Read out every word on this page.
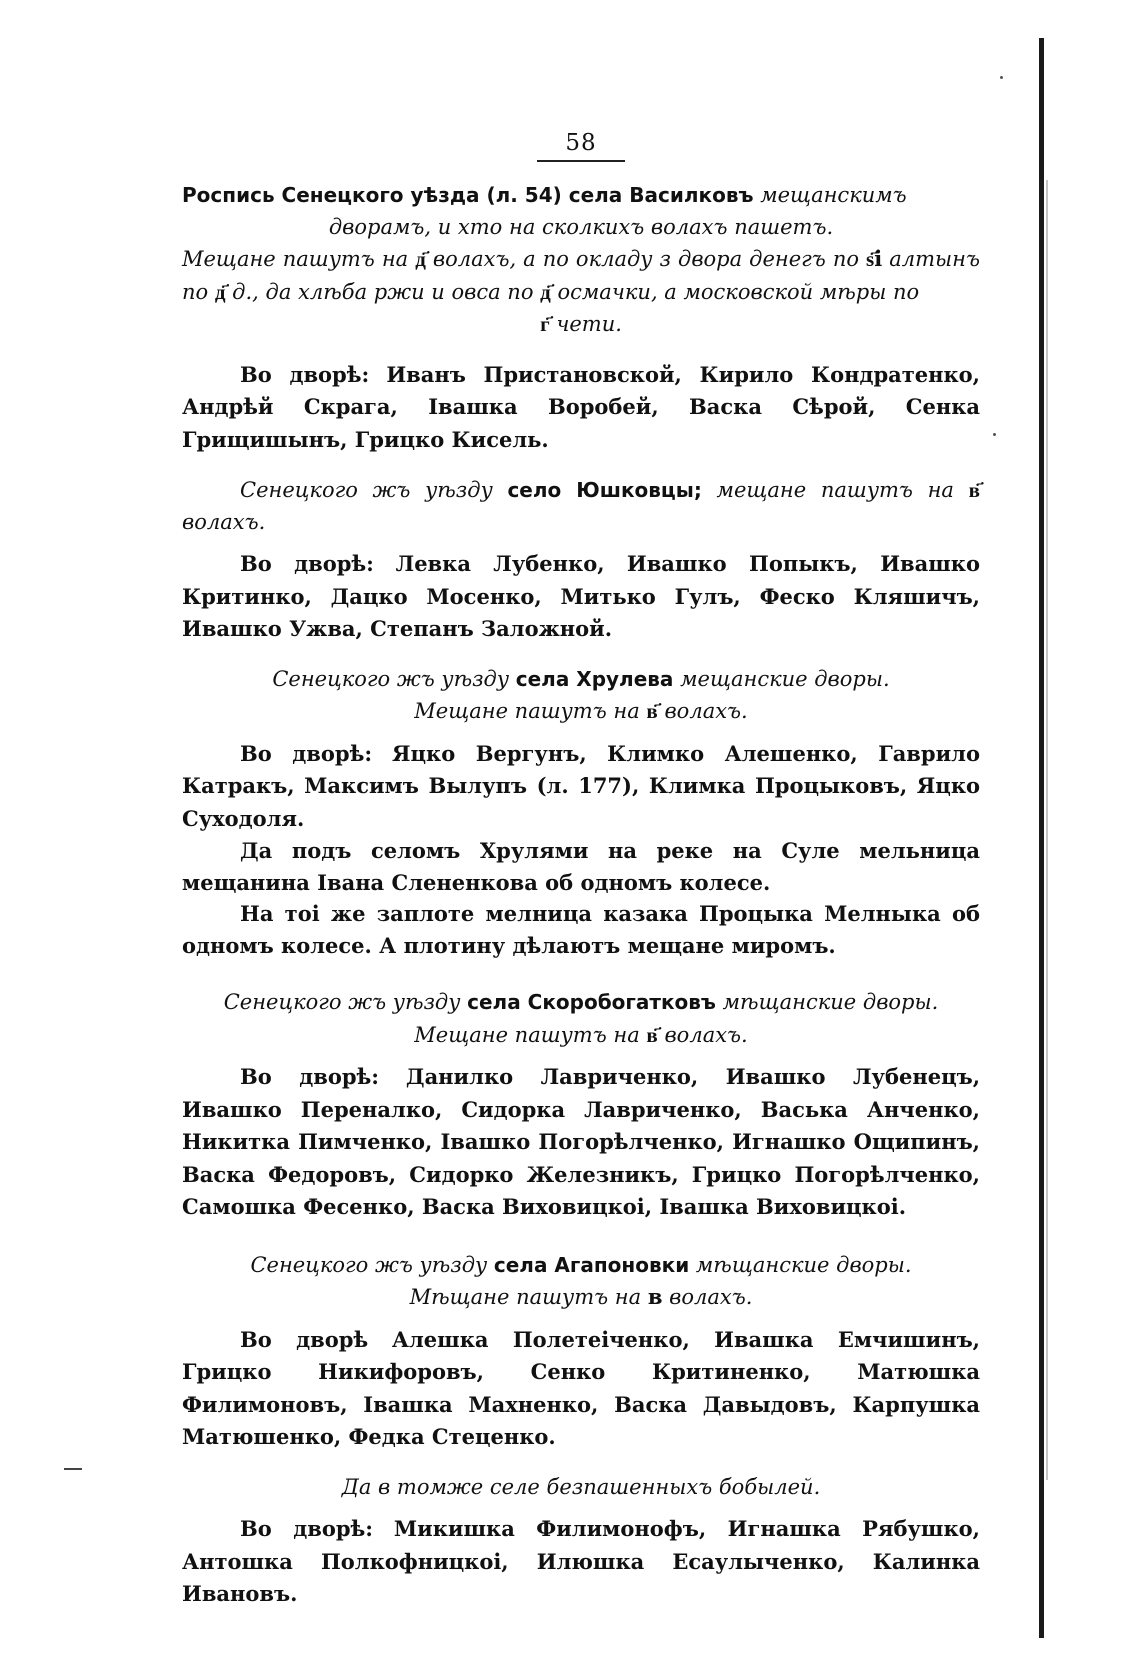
58

Роспись Сенецкого уѣзда (л. 54) села Василковъ мещанскимъ

дворамъ, и хто на сколкихъ волахъ пашетъ.

Мещане пашутъ на д҃ волахъ, а по окладу з двора денегъ по ѕ҃і алтынъ по д҃ д., да хлѣба ржи и овса по д҃ осмачки, а московской мѣры по

г҃ чети.

Во дворѣ: Иванъ Пристановской, Кирило Кондратенко, Андрѣй Скрага, Івашка Воробей, Васка Сѣрой, Сенка Грищишынъ, Грицко Кисель.

Сенецкого жъ уѣзду село Юшковцы; мещане пашутъ на в҃ волахъ.

Во дворѣ: Левка Лубенко, Ивашко Попыкъ, Ивашко Критинко, Дацко Мосенко, Митько Гулъ, Феско Кляшичъ, Ивашко Ужва, Степанъ Заложной.

Сенецкого жъ уѣзду села Хрулева мещанские дворы.

Мещане пашутъ на в҃ волахъ.

Во дворѣ: Яцко Вергунъ, Климко Алешенко, Гаврило Катракъ, Максимъ Вылупъ (л. 177), Климка Процыковъ, Яцко Суходоля.

Да подъ селомъ Хрулями на реке на Суле мельница мещанина Івана Слененкова об одномъ колесе.

На тоі же заплоте мелница казака Процыка Мелныка об одномъ колесе. А плотину дѣлаютъ мещане миромъ.

Сенецкого жъ уѣзду села Скоробогатковъ мѣщанские дворы.

Мещане пашутъ на в҃ волахъ.

Во дворѣ: Данилко Лавриченко, Ивашко Лубенецъ, Ивашко Переналко, Сидорка Лавриченко, Васька Анченко, Никитка Пимченко, Івашко Погорѣлченко, Игнашко Ощипинъ, Васка Федоровъ, Сидорко Железникъ, Грицко Погорѣлченко, Самошка Фесенко, Васка Виховицкоі, Івашка Виховицкоі.

Сенецкого жъ уѣзду села Агапоновки мѣщанские дворы.

Мѣщане пашутъ на в волахъ.

Во дворѣ Алешка Полетеіченко, Ивашка Емчишинъ, Грицко Никифоровъ, Сенко Критиненко, Матюшка Филимоновъ, Івашка Махненко, Васка Давыдовъ, Карпушка Матюшенко, Федка Стеценко.

Да в томже селе безпашенныхъ бобылей.

Во дворѣ: Микишка Филимонофъ, Игнашка Рябушко, Антошка Полкофницкоі, Илюшка Есаулыченко, Калинка Ивановъ.
